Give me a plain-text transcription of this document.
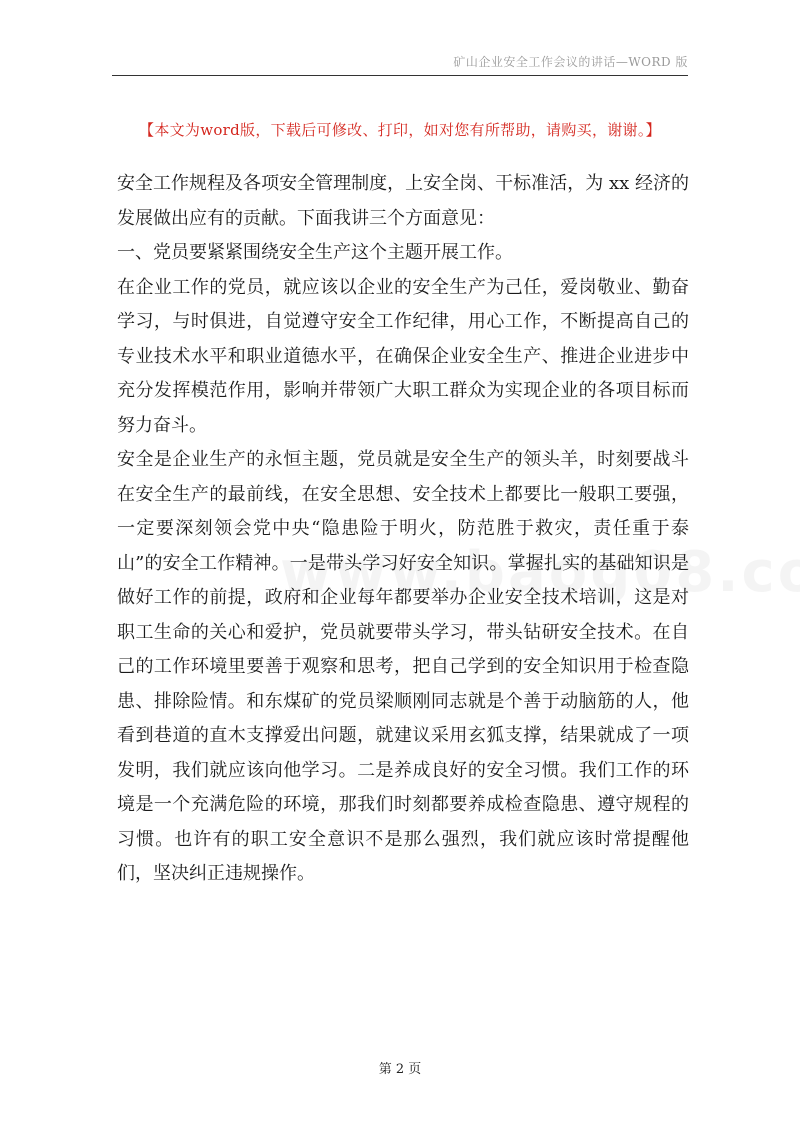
矿山企业安全工作会议的讲话—WORD 版
【本文为word版，下载后可修改、打印，如对您有所帮助，请购买，谢谢。】

安全工作规程及各项安全管理制度，上安全岗、干标准活，为 xx 经济的发展做出应有的贡献。下面我讲三个方面意见：

一、党员要紧紧围绕安全生产这个主题开展工作。

在企业工作的党员，就应该以企业的安全生产为己任，爱岗敬业、勤奋学习，与时俱进，自觉遵守安全工作纪律，用心工作，不断提高自己的专业技术水平和职业道德水平，在确保企业安全生产、推进企业进步中充分发挥模范作用，影响并带领广大职工群众为实现企业的各项目标而努力奋斗。

安全是企业生产的永恒主题，党员就是安全生产的领头羊，时刻要战斗在安全生产的最前线，在安全思想、安全技术上都要比一般职工要强，一定要深刻领会党中央“隐患险于明火，防范胜于救灾，责任重于泰山”的安全工作精神。一是带头学习好安全知识。掌握扎实的基础知识是做好工作的前提，政府和企业每年都要举办企业安全技术培训，这是对职工生命的关心和爱护，党员就要带头学习，带头钻研安全技术。在自己的工作环境里要善于观察和思考，把自己学到的安全知识用于检查隐患、排除险情。和东煤矿的党员梁顺刚同志就是个善于动脑筋的人，他看到巷道的直木支撑爱出问题，就建议采用玄狐支撑，结果就成了一项发明，我们就应该向他学习。二是养成良好的安全习惯。我们工作的环境是一个充满危险的环境，那我们时刻都要养成检查隐患、遵守规程的习惯。也许有的职工安全意识不是那么强烈，我们就应该时常提醒他们，坚决纠正违规操作。

第 2 页
